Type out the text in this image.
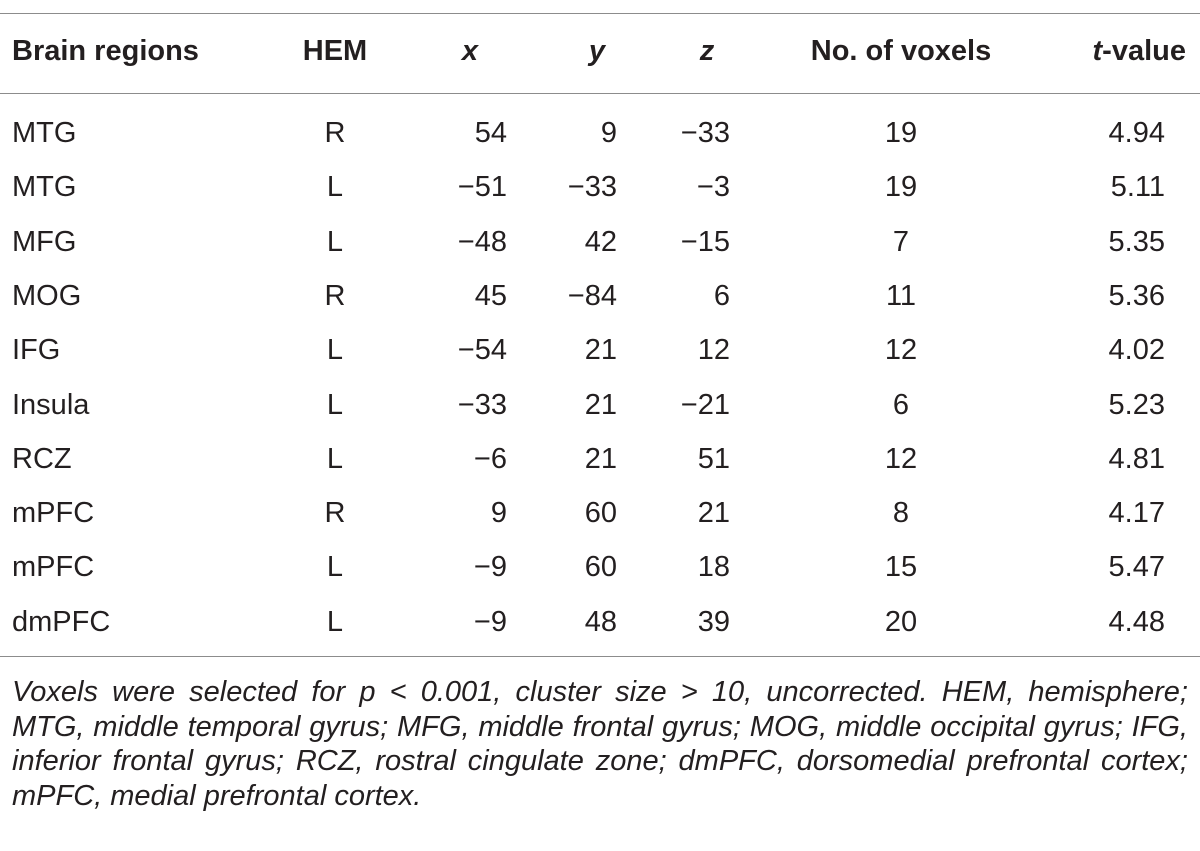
Brain regions	HEM	x	y	z	No. of voxels	t-value
MTG	R	54	9	−33	19	4.94
MTG	L	−51	−33	−3	19	5.11
MFG	L	−48	42	−15	7	5.35
MOG	R	45	−84	6	11	5.36
IFG	L	−54	21	12	12	4.02
Insula	L	−33	21	−21	6	5.23
RCZ	L	−6	21	51	12	4.81
mPFC	R	9	60	21	8	4.17
mPFC	L	−9	60	18	15	5.47
dmPFC	L	−9	48	39	20	4.48
Voxels were selected for p < 0.001, cluster size > 10, uncorrected. HEM, hemisphere; MTG, middle temporal gyrus; MFG, middle frontal gyrus; MOG, middle occipital gyrus; IFG, inferior frontal gyrus; RCZ, rostral cingulate zone; dmPFC, dorsomedial prefrontal cortex; mPFC, medial prefrontal cortex.
